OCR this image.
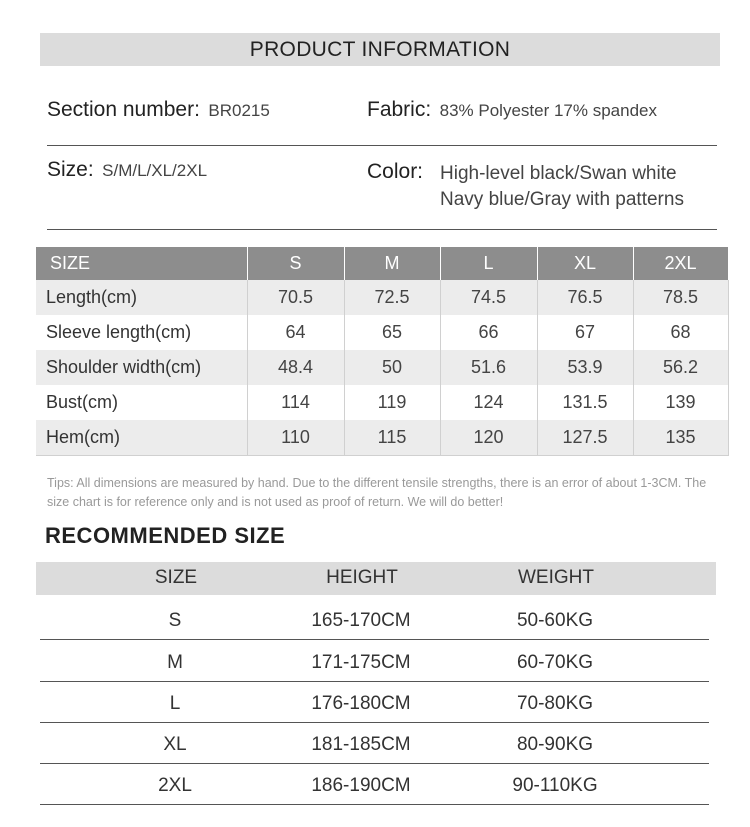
PRODUCT INFORMATION
Section number: BR0215	Fabric: 83% Polyester 17% spandex
Size: S/M/L/XL/2XL	Color: High-level black/Swan white
Navy blue/Gray with patterns
SIZE	S	M	L	XL	2XL
Length(cm)	70.5	72.5	74.5	76.5	78.5
Sleeve length(cm)	64	65	66	67	68
Shoulder width(cm)	48.4	50	51.6	53.9	56.2
Bust(cm)	114	119	124	131.5	139
Hem(cm)	110	115	120	127.5	135
Tips: All dimensions are measured by hand. Due to the different tensile strengths, there is an error of about 1-3CM. The size chart is for reference only and is not used as proof of return. We will do better!
RECOMMENDED SIZE
SIZE	HEIGHT	WEIGHT
S	165-170CM	50-60KG
M	171-175CM	60-70KG
L	176-180CM	70-80KG
XL	181-185CM	80-90KG
2XL	186-190CM	90-110KG
